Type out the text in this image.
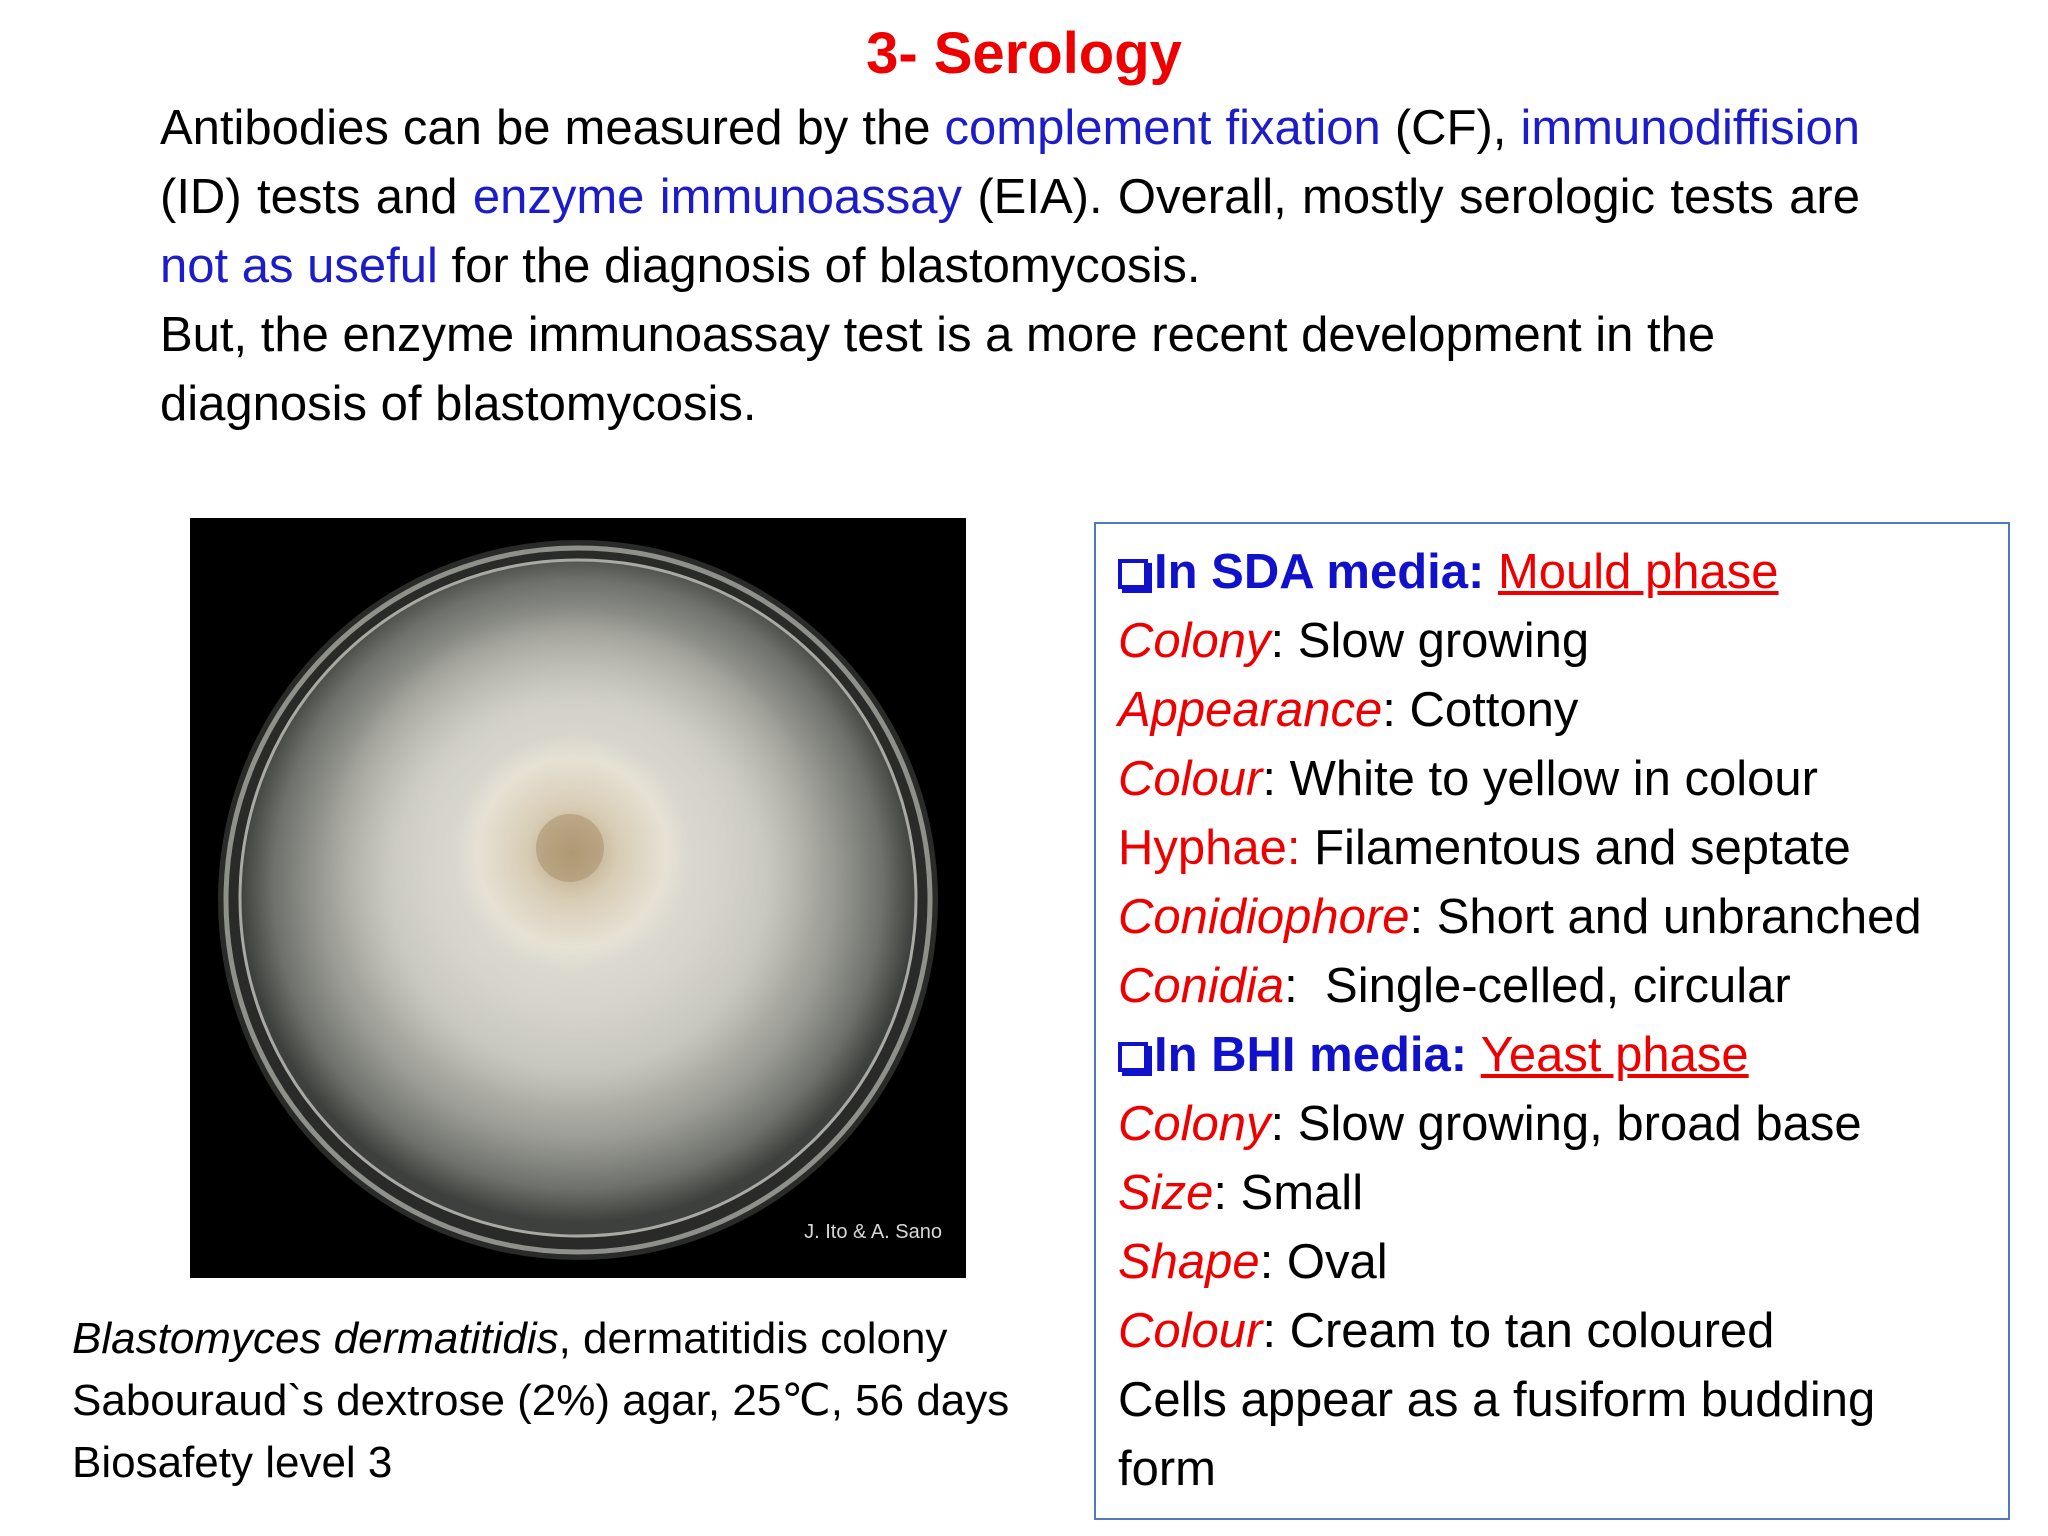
3- Serology

Antibodies can be measured by the complement fixation (CF), immunodiffision (ID) tests and enzyme immunoassay (EIA). Overall, mostly serologic tests are not as useful for the diagnosis of blastomycosis.

But, the enzyme immunoassay test is a more recent development in the diagnosis of blastomycosis.

J. Ito & A. Sano
Blastomyces dermatitidis, dermatitidis colony
Sabouraud`s dextrose (2%) agar, 25℃, 56 days
Biosafety level 3
In SDA media: Mould phase
Colony: Slow growing
Appearance: Cottony
Colour: White to yellow in colour
Hyphae: Filamentous and septate
Conidiophore: Short and unbranched
Conidia:  Single-celled, circular
In BHI media: Yeast phase
Colony: Slow growing, broad base
Size: Small
Shape: Oval
Colour: Cream to tan coloured
Cells appear as a fusiform budding
form
